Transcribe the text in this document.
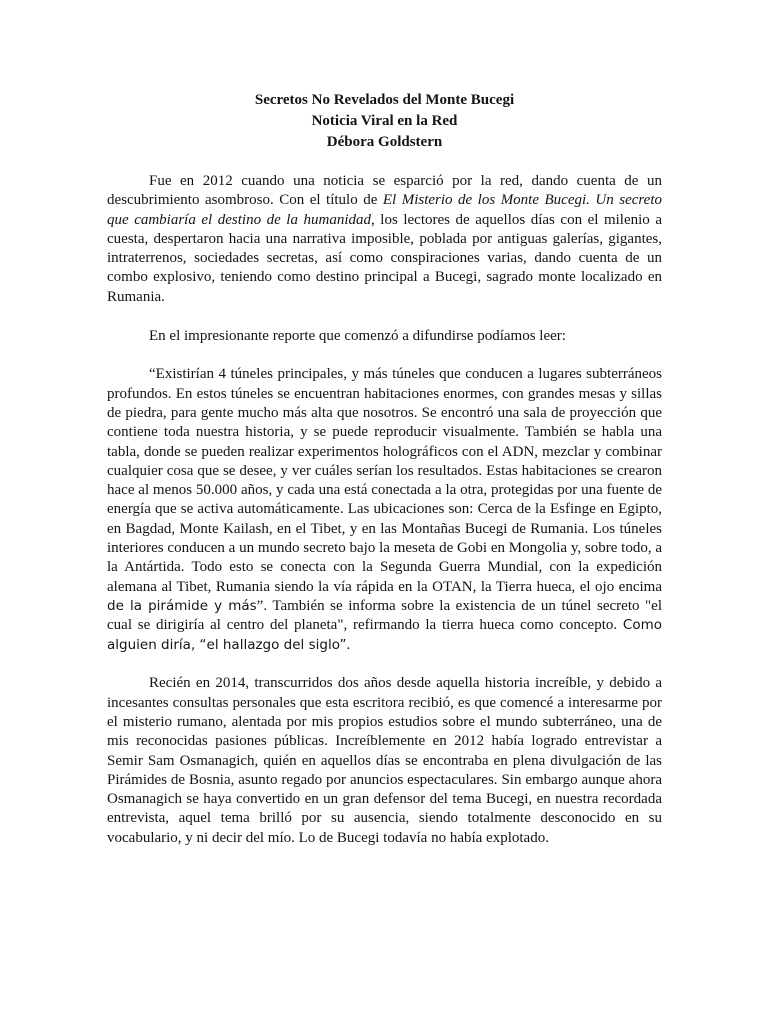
Secretos No Revelados del Monte Bucegi
Noticia Viral en la Red
Débora Goldstern

Fue en 2012 cuando una noticia se esparció por la red, dando cuenta de un descubrimiento asombroso. Con el título de El Misterio de los Monte Bucegi. Un secreto que cambiaría el destino de la humanidad, los lectores de aquellos días con el milenio a cuesta, despertaron hacia una narrativa imposible, poblada por antiguas galerías, gigantes, intraterrenos, sociedades secretas, así como conspiraciones varias, dando cuenta de un combo explosivo, teniendo como destino principal a Bucegi, sagrado monte localizado en Rumania.

En el impresionante reporte que comenzó a difundirse podíamos leer:

“Existirían 4 túneles principales, y más túneles que conducen a lugares subterráneos profundos. En estos túneles se encuentran habitaciones enormes, con grandes mesas y sillas de piedra, para gente mucho más alta que nosotros. Se encontró una sala de proyección que contiene toda nuestra historia, y se puede reproducir visualmente. También se habla una tabla, donde se pueden realizar experimentos holográficos con el ADN, mezclar y combinar cualquier cosa que se desee, y ver cuáles serían los resultados. Estas habitaciones se crearon hace al menos 50.000 años, y cada una está conectada a la otra, protegidas por una fuente de energía que se activa automáticamente. Las ubicaciones son: Cerca de la Esfinge en Egipto, en Bagdad, Monte Kailash, en el Tibet, y en las Montañas Bucegi de Rumania. Los túneles interiores conducen a un mundo secreto bajo la meseta de Gobi en Mongolia y, sobre todo, a la Antártida. Todo esto se conecta con la Segunda Guerra Mundial, con la expedición alemana al Tibet, Rumania siendo la vía rápida en la OTAN, la Tierra hueca, el ojo encima de la pirámide y más”. También se informa sobre la existencia de un túnel secreto "el cual se dirigiría al centro del planeta", refirmando la tierra hueca como concepto. Como alguien diría, “el hallazgo del siglo”.

Recién en 2014, transcurridos dos años desde aquella historia increíble, y debido a incesantes consultas personales que esta escritora recibió, es que comencé a interesarme por el misterio rumano, alentada por mis propios estudios sobre el mundo subterráneo, una de mis reconocidas pasiones públicas. Increíblemente en 2012 había logrado entrevistar a Semir Sam Osmanagich, quién en aquellos días se encontraba en plena divulgación de las Pirámides de Bosnia, asunto regado por anuncios espectaculares. Sin embargo aunque ahora Osmanagich se haya convertido en un gran defensor del tema Bucegi, en nuestra recordada entrevista, aquel tema brilló por su ausencia, siendo totalmente desconocido en su vocabulario, y ni decir del mío. Lo de Bucegi todavía no había explotado.
